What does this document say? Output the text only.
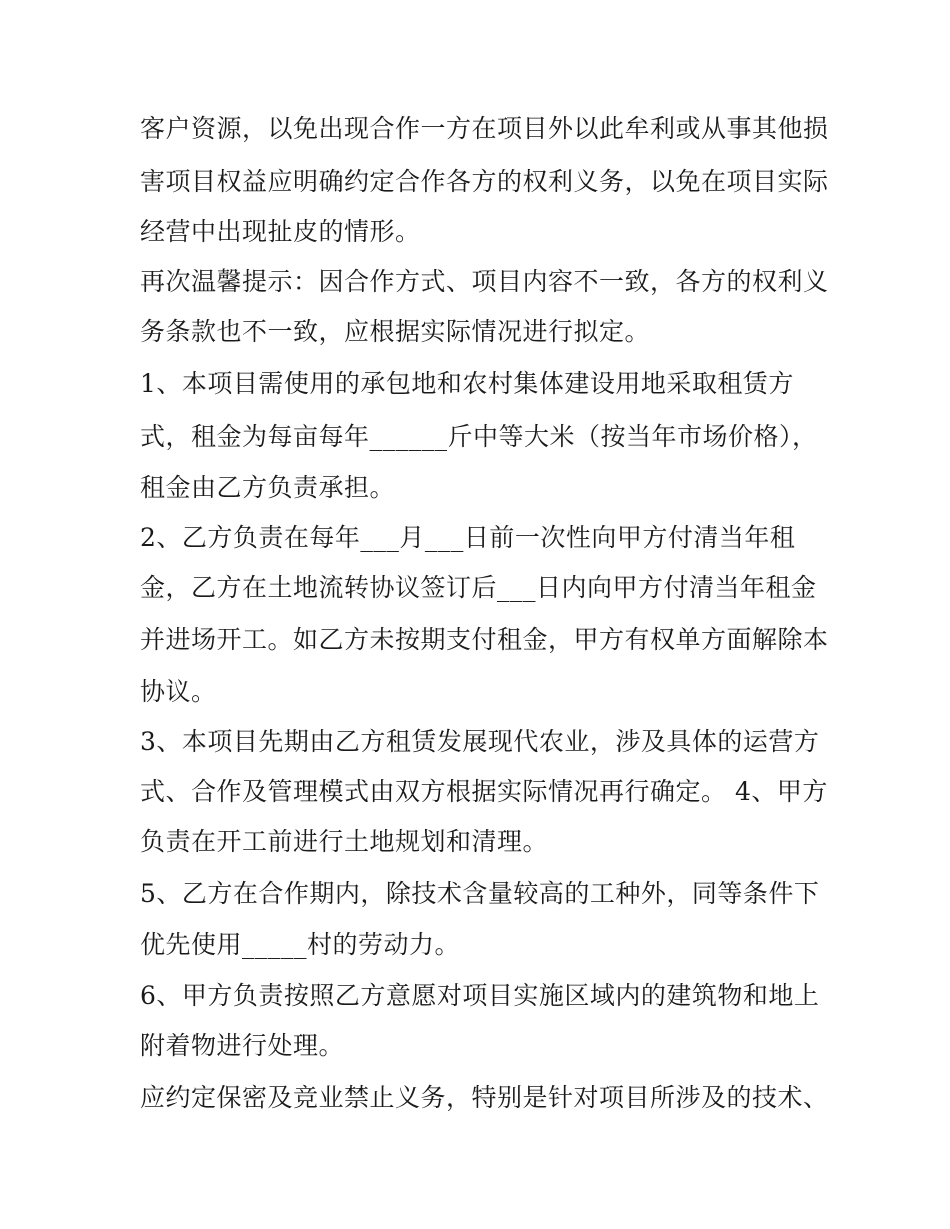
客户资源，以免出现合作一方在项目外以此牟利或从事其他损
害项目权益应明确约定合作各方的权利义务，以免在项目实际
经营中出现扯皮的情形。
再次温馨提示：因合作方式、项目内容不一致，各方的权利义
务条款也不一致，应根据实际情况进行拟定。
1、本项目需使用的承包地和农村集体建设用地采取租赁方
式，租金为每亩每年______斤中等大米（按当年市场价格），
租金由乙方负责承担。
2、乙方负责在每年___月___日前一次性向甲方付清当年租
金，乙方在土地流转协议签订后___日内向甲方付清当年租金
并进场开工。如乙方未按期支付租金，甲方有权单方面解除本
协议。
3、本项目先期由乙方租赁发展现代农业，涉及具体的运营方
式、合作及管理模式由双方根据实际情况再行确定。 4、甲方
负责在开工前进行土地规划和清理。
5、乙方在合作期内，除技术含量较高的工种外，同等条件下
优先使用_____村的劳动力。
6、甲方负责按照乙方意愿对项目实施区域内的建筑物和地上
附着物进行处理。
应约定保密及竞业禁止义务，特别是针对项目所涉及的技术、
